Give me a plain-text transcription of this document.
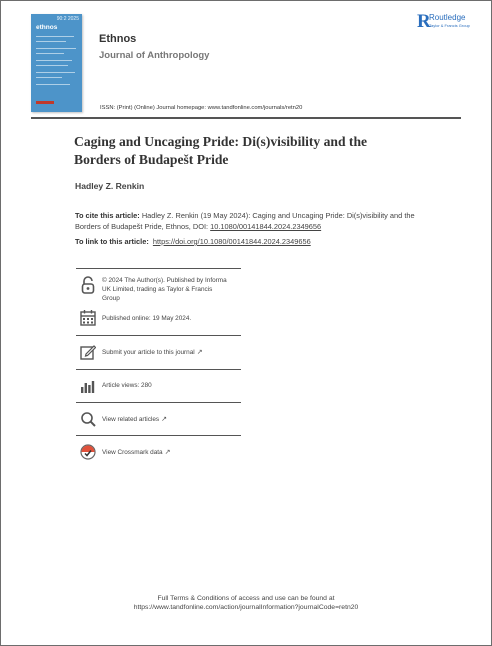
90:2 2025
ethnos
Ethnos
Journal of Anthropology
ISSN: (Print) (Online) Journal homepage: www.tandfonline.com/journals/retn20
R
Routledge
Taylor & Francis Group
Caging and Uncaging Pride: Di(s)visibility and the Borders of Budapešt Pride
Hadley Z. Renkin
To cite this article: Hadley Z. Renkin (19 May 2024): Caging and Uncaging Pride: Di(s)visibility and the Borders of Budapešt Pride, Ethnos, DOI: 10.1080/00141844.2024.2349656
To link to this article: https://doi.org/10.1080/00141844.2024.2349656
© 2024 The Author(s). Published by Informa
UK Limited, trading as Taylor & Francis
Group
Published online: 19 May 2024.
Submit your article to this journal ↗
Article views: 280
View related articles ↗
View Crossmark data ↗
Full Terms & Conditions of access and use can be found at
https://www.tandfonline.com/action/journalInformation?journalCode=retn20
